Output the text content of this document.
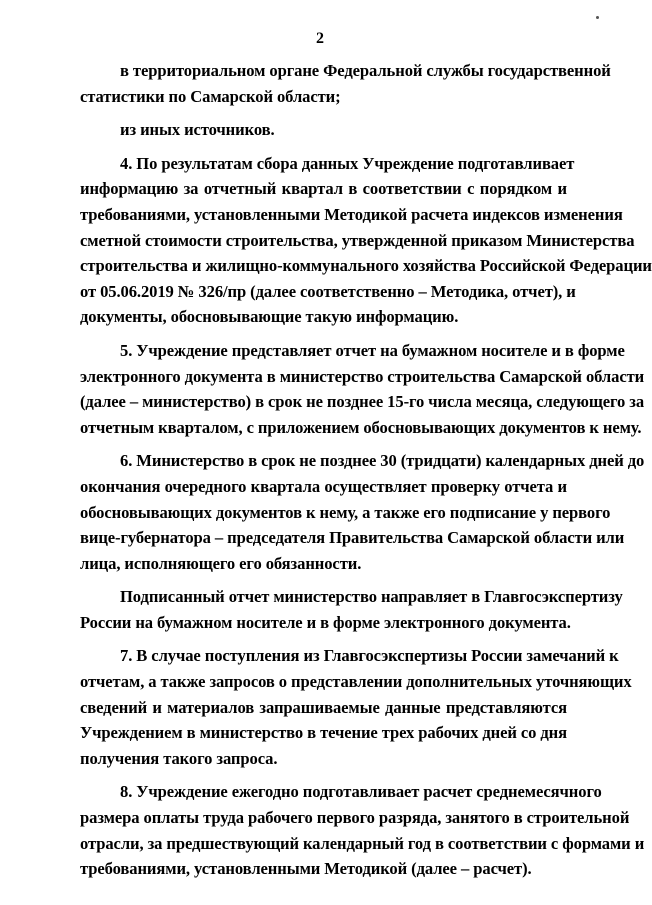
2
в территориальном органе Федеральной службы государственной
статистики по Самарской области;
из иных источников.
4. По результатам сбора данных Учреждение подготавливает
информацию за отчетный квартал в соответствии с порядком и
требованиями, установленными Методикой расчета индексов изменения
сметной стоимости строительства, утвержденной приказом Министерства
строительства и жилищно-коммунального хозяйства Российской Федерации
от 05.06.2019 № 326/пр (далее соответственно – Методика, отчет), и
документы, обосновывающие такую информацию.
5. Учреждение представляет отчет на бумажном носителе и в форме
электронного документа в министерство строительства Самарской области
(далее – министерство) в срок не позднее 15-го числа месяца, следующего за
отчетным кварталом, с приложением обосновывающих документов к нему.
6. Министерство в срок не позднее 30 (тридцати) календарных дней до
окончания очередного квартала осуществляет проверку отчета и
обосновывающих документов к нему, а также его подписание у первого
вице-губернатора – председателя Правительства Самарской области или
лица, исполняющего его обязанности.
Подписанный отчет министерство направляет в Главгосэкспертизу
России на бумажном носителе и в форме электронного документа.
7. В случае поступления из Главгосэкспертизы России замечаний к
отчетам, а также запросов о представлении дополнительных уточняющих
сведений и материалов запрашиваемые данные представляются
Учреждением в министерство в течение трех рабочих дней со дня
получения такого запроса.
8. Учреждение ежегодно подготавливает расчет среднемесячного
размера оплаты труда рабочего первого разряда, занятого в строительной
отрасли, за предшествующий календарный год в соответствии с формами и
требованиями, установленными Методикой (далее – расчет).
